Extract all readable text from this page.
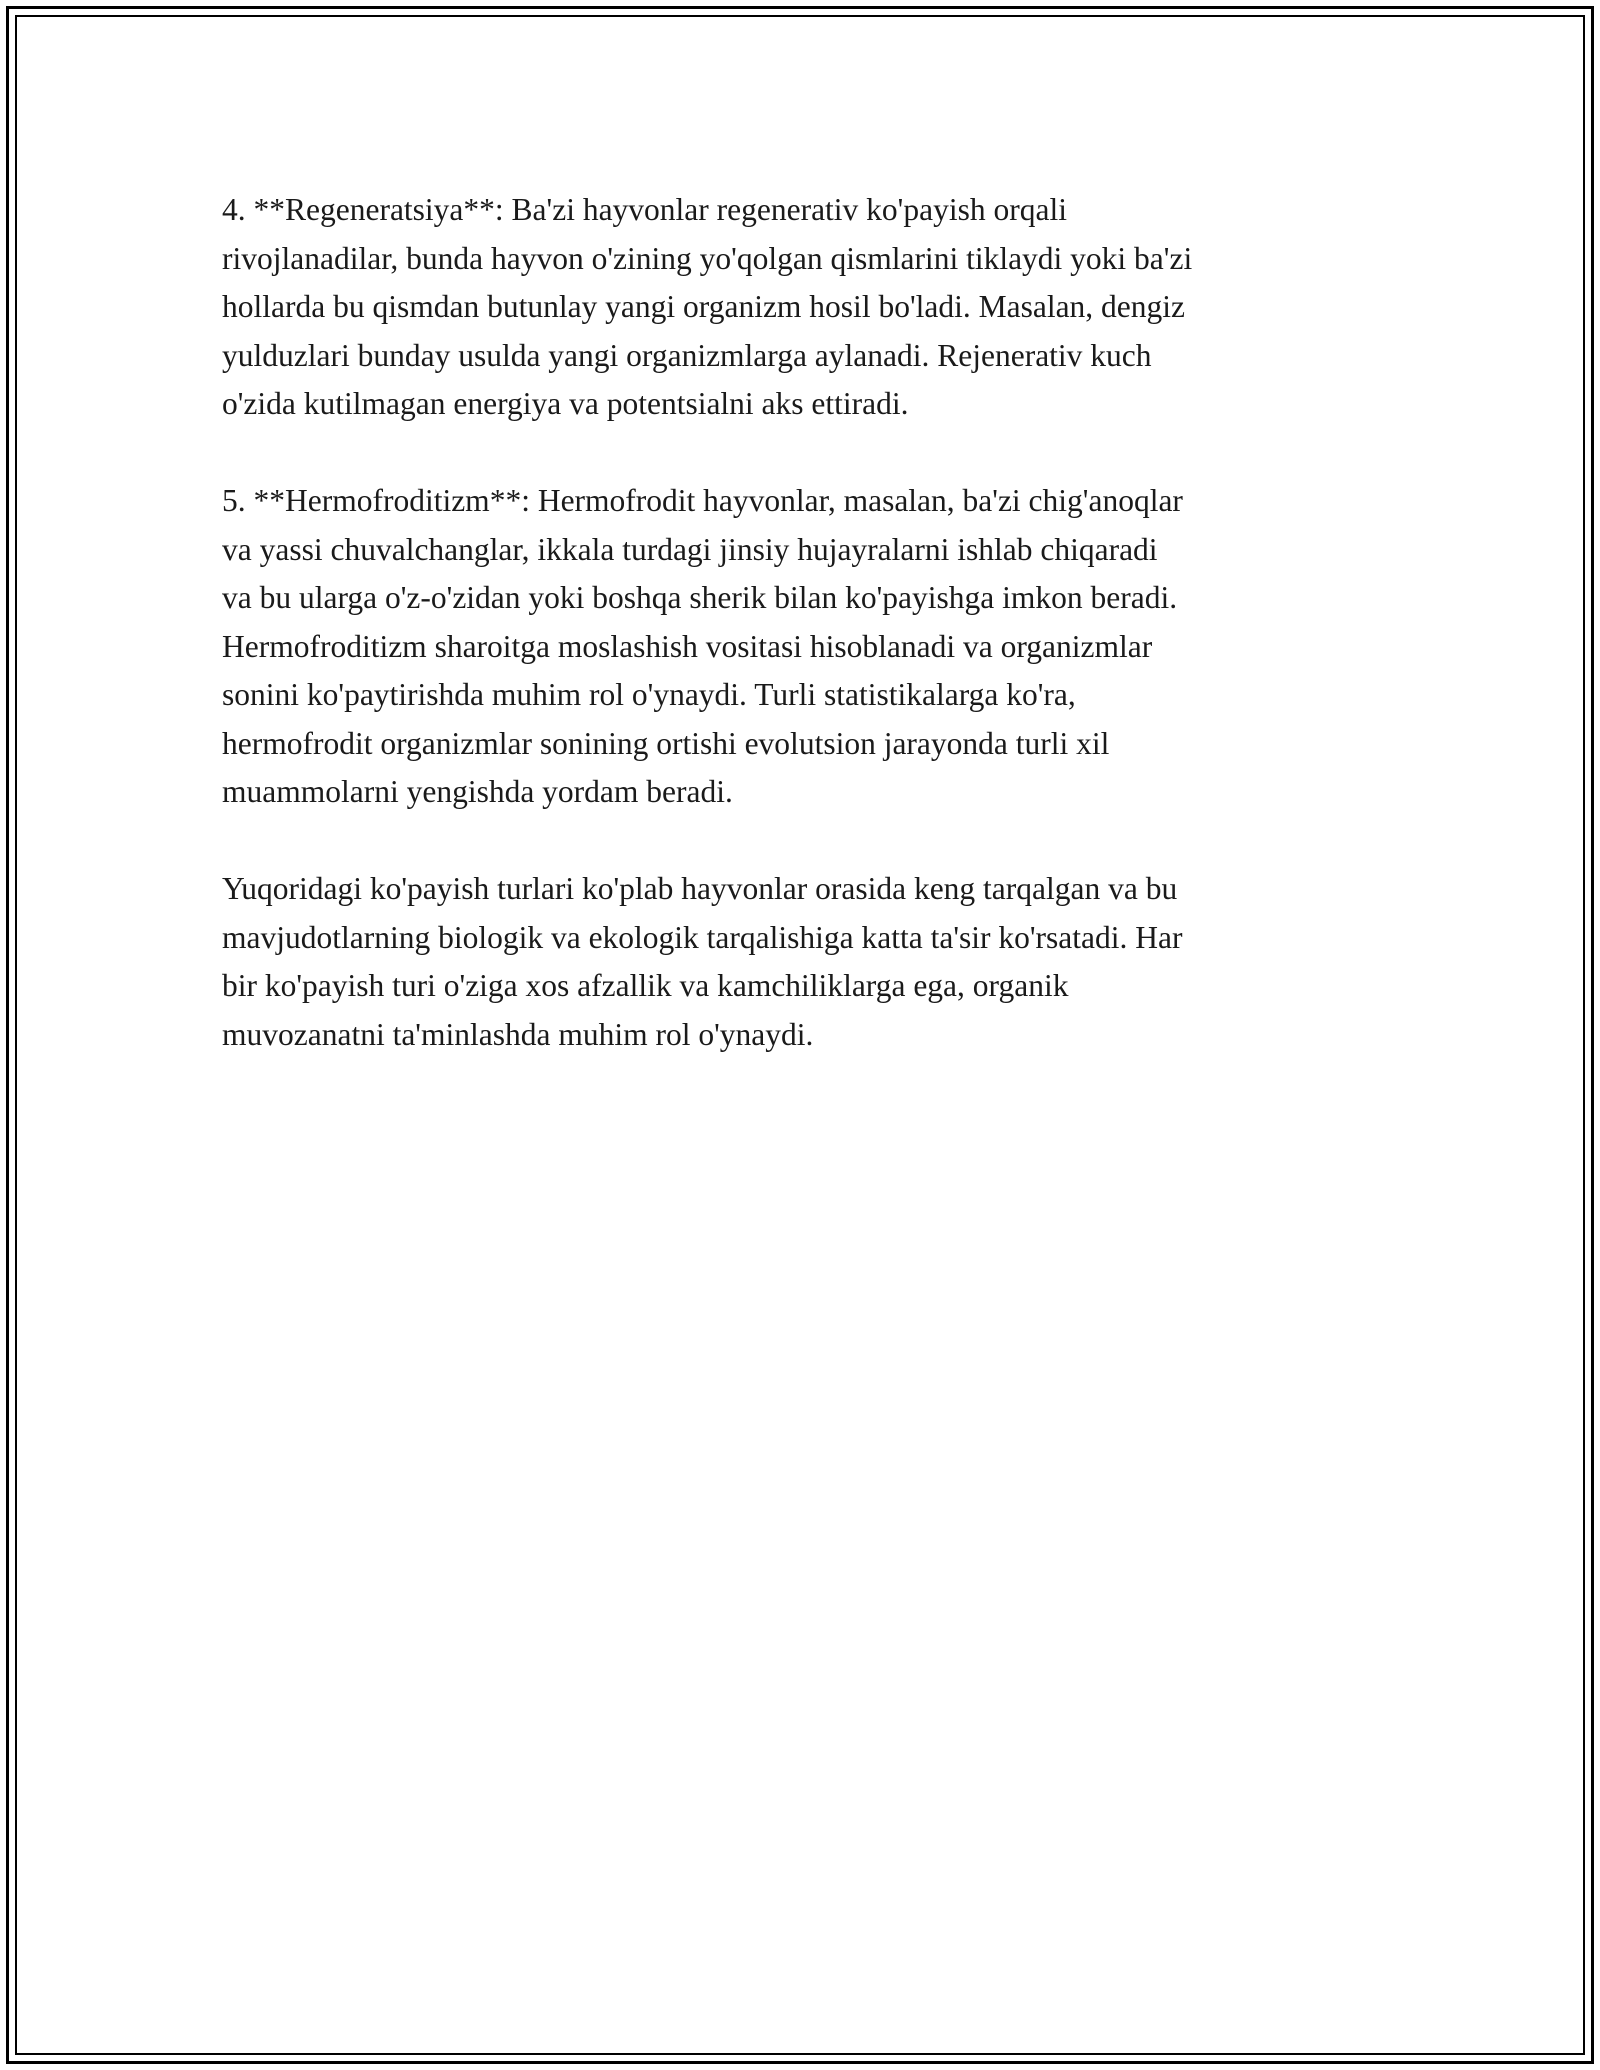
4. **Regeneratsiya**: Ba'zi hayvonlar regenerativ ko'payish orqali
rivojlanadilar, bunda hayvon o'zining yo'qolgan qismlarini tiklaydi yoki ba'zi
hollarda bu qismdan butunlay yangi organizm hosil bo'ladi. Masalan, dengiz
yulduzlari bunday usulda yangi organizmlarga aylanadi. Rejenerativ kuch
o'zida kutilmagan energiya va potentsialni aks ettiradi.

5. **Hermofroditizm**: Hermofrodit hayvonlar, masalan, ba'zi chig'anoqlar
va yassi chuvalchanglar, ikkala turdagi jinsiy hujayralarni ishlab chiqaradi
va bu ularga o'z-o'zidan yoki boshqa sherik bilan ko'payishga imkon beradi.
Hermofroditizm sharoitga moslashish vositasi hisoblanadi va organizmlar
sonini ko'paytirishda muhim rol o'ynaydi. Turli statistikalarga ko'ra,
hermofrodit organizmlar sonining ortishi evolutsion jarayonda turli xil
muammolarni yengishda yordam beradi.

Yuqoridagi ko'payish turlari ko'plab hayvonlar orasida keng tarqalgan va bu
mavjudotlarning biologik va ekologik tarqalishiga katta ta'sir ko'rsatadi. Har
bir ko'payish turi o'ziga xos afzallik va kamchiliklarga ega, organik
muvozanatni ta'minlashda muhim rol o'ynaydi.
